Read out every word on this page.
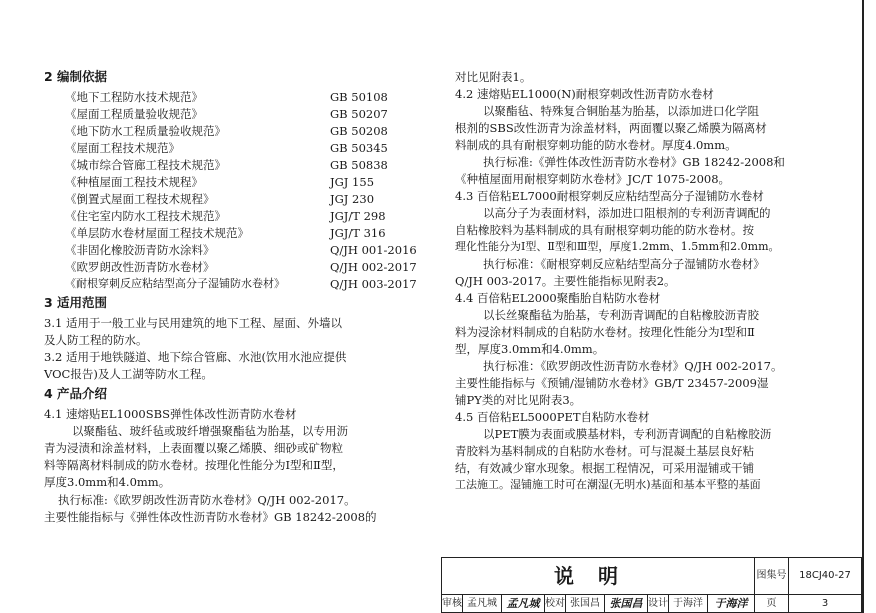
2 编制依据
《地下工程防水技术规范》	GB 50108
《屋面工程质量验收规范》	GB 50207
《地下防水工程质量验收规范》	GB 50208
《屋面工程技术规范》	GB 50345
《城市综合管廊工程技术规范》	GB 50838
《种植屋面工程技术规程》	JGJ 155
《倒置式屋面工程技术规程》	JGJ 230
《住宅室内防水工程技术规范》	JGJ/T 298
《单层防水卷材屋面工程技术规范》	JGJ/T 316
《非固化橡胶沥青防水涂料》	Q/JH 001-2016
《欧罗朗改性沥青防水卷材》	Q/JH 002-2017
《耐根穿刺反应粘结型高分子湿铺防水卷材》	Q/JH 003-2017
3 适用范围
3.1 适用于一般工业与民用建筑的地下工程、屋面、外墙以
及人防工程的防水。
3.2 适用于地铁隧道、地下综合管廊、水池(饮用水池应提供
VOC报告)及人工湖等防水工程。
4 产品介绍
4.1 速熔贴EL1000SBS弹性体改性沥青防水卷材
以聚酯毡、玻纤毡或玻纤增强聚酯毡为胎基，以专用沥
青为浸渍和涂盖材料，上表面覆以聚乙烯膜、细砂或矿物粒
料等隔离材料制成的防水卷材。按理化性能分为Ⅰ型和Ⅱ型，
厚度3.0mm和4.0mm。
执行标准:《欧罗朗改性沥青防水卷材》Q/JH 002-2017。
主要性能指标与《弹性体改性沥青防水卷材》GB 18242-2008的
对比见附表1。
4.2 速熔贴EL1000(N)耐根穿刺改性沥青防水卷材
以聚酯毡、特殊复合铜胎基为胎基，以添加进口化学阻
根剂的SBS改性沥青为涂盖材料，两面覆以聚乙烯膜为隔离材
料制成的具有耐根穿刺功能的防水卷材。厚度4.0mm。
执行标准:《弹性体改性沥青防水卷材》GB 18242-2008和
《种植屋面用耐根穿刺防水卷材》JC/T 1075-2008。
4.3 百倍粘EL7000耐根穿刺反应粘结型高分子湿铺防水卷材
以高分子为表面材料，添加进口阻根剂的专利沥青调配的
自粘橡胶料为基料制成的具有耐根穿刺功能的防水卷材。按
理化性能分为Ⅰ型、Ⅱ型和Ⅲ型，厚度1.2mm、1.5mm和2.0mm。
执行标准：《耐根穿刺反应粘结型高分子湿铺防水卷材》
Q/JH 003-2017。主要性能指标见附表2。
4.4 百倍粘EL2000聚酯胎自粘防水卷材
以长丝聚酯毡为胎基，专利沥青调配的自粘橡胶沥青胶
料为浸涂材料制成的自粘防水卷材。按理化性能分为Ⅰ型和Ⅱ
型，厚度3.0mm和4.0mm。
执行标准：《欧罗朗改性沥青防水卷材》Q/JH 002-2017。
主要性能指标与《预铺/湿铺防水卷材》GB/T 23457-2009湿
铺PY类的对比见附表3。
4.5 百倍粘EL5000PET自粘防水卷材
以PET膜为表面或膜基材料，专利沥青调配的自粘橡胶沥
青胶料为基料制成的自粘防水卷材。可与混凝土基层良好粘
结，有效减少窜水现象。根据工程情况，可采用湿铺或干铺
工法施工。湿铺施工时可在潮湿(无明水)基面和基本平整的基面
说明	图集号 18CJ40-27
审核 孟凡城 孟凡城 校对 张国昌 张国昌 设计 于海洋 于海洋 页	3
